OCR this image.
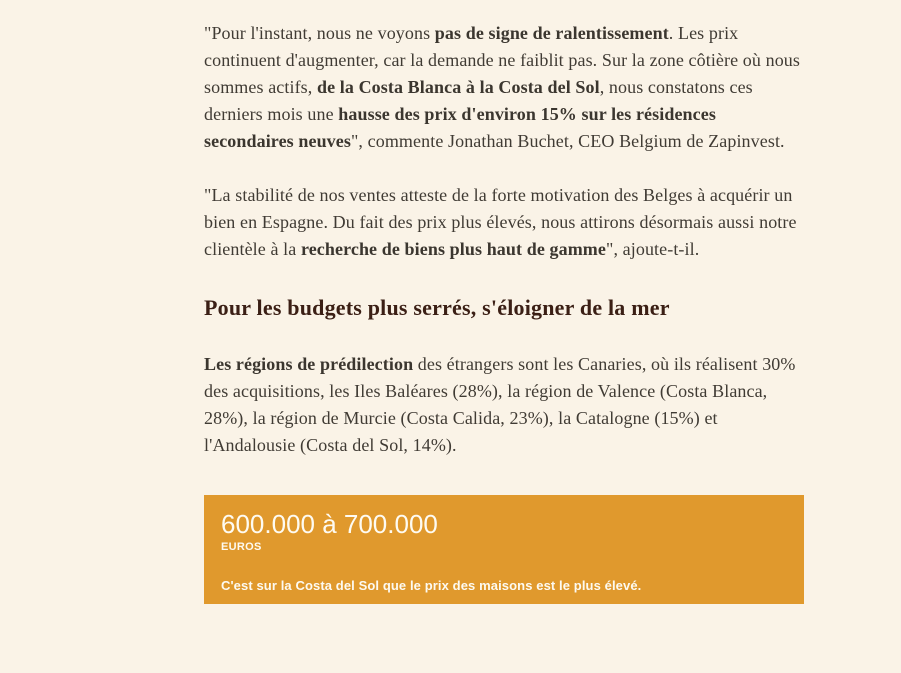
"Pour l'instant, nous ne voyons pas de signe de ralentissement. Les prix continuent d'augmenter, car la demande ne faiblit pas. Sur la zone côtière où nous sommes actifs, de la Costa Blanca à la Costa del Sol, nous constatons ces derniers mois une hausse des prix d'environ 15% sur les résidences secondaires neuves", commente Jonathan Buchet, CEO Belgium de Zapinvest.

"La stabilité de nos ventes atteste de la forte motivation des Belges à acquérir un bien en Espagne. Du fait des prix plus élevés, nous attirons désormais aussi notre clientèle à la recherche de biens plus haut de gamme", ajoute-t-il.

Pour les budgets plus serrés, s'éloigner de la mer

Les régions de prédilection des étrangers sont les Canaries, où ils réalisent 30% des acquisitions, les Iles Baléares (28%), la région de Valence (Costa Blanca, 28%), la région de Murcie (Costa Calida, 23%), la Catalogne (15%) et l'Andalousie (Costa del Sol, 14%).

600.000 à 700.000
EUROS
C'est sur la Costa del Sol que le prix des maisons est le plus élevé.
